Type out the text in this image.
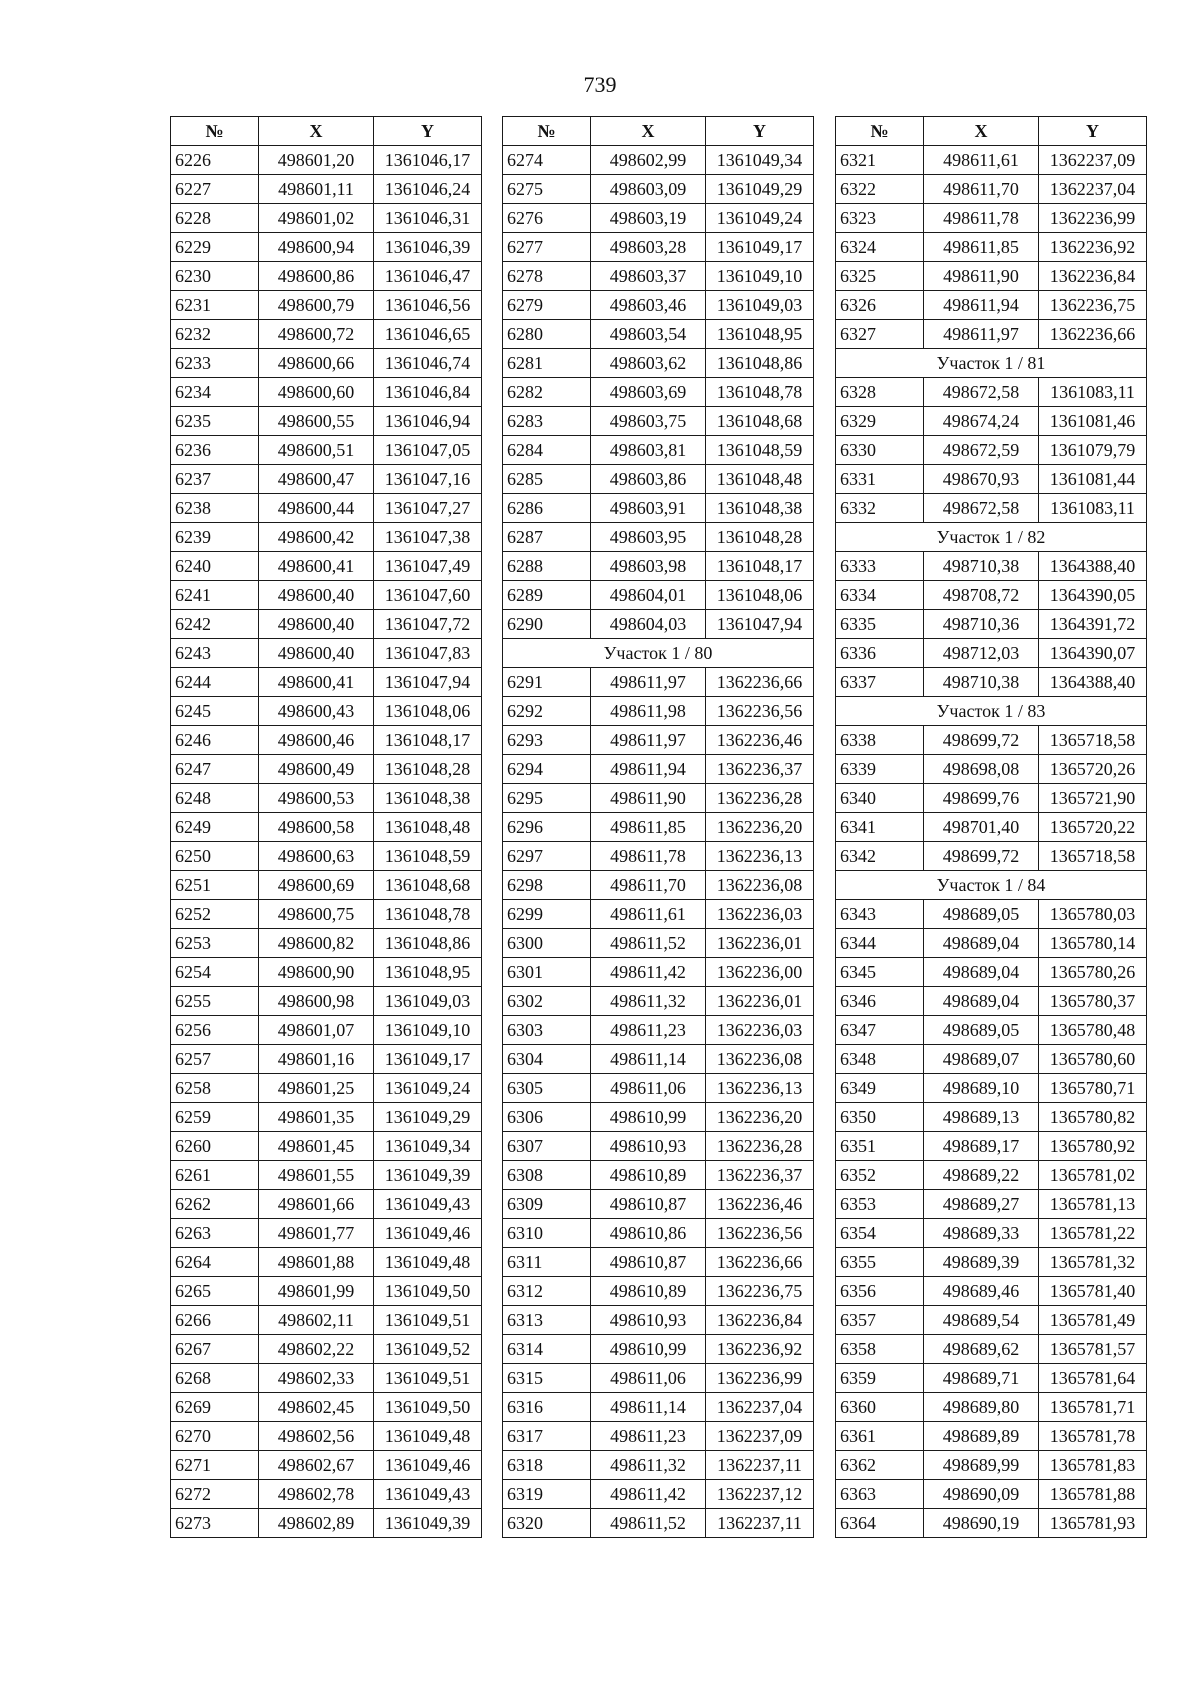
739
№	X	Y
6226	498601,20	1361046,17
6227	498601,11	1361046,24
6228	498601,02	1361046,31
6229	498600,94	1361046,39
6230	498600,86	1361046,47
6231	498600,79	1361046,56
6232	498600,72	1361046,65
6233	498600,66	1361046,74
6234	498600,60	1361046,84
6235	498600,55	1361046,94
6236	498600,51	1361047,05
6237	498600,47	1361047,16
6238	498600,44	1361047,27
6239	498600,42	1361047,38
6240	498600,41	1361047,49
6241	498600,40	1361047,60
6242	498600,40	1361047,72
6243	498600,40	1361047,83
6244	498600,41	1361047,94
6245	498600,43	1361048,06
6246	498600,46	1361048,17
6247	498600,49	1361048,28
6248	498600,53	1361048,38
6249	498600,58	1361048,48
6250	498600,63	1361048,59
6251	498600,69	1361048,68
6252	498600,75	1361048,78
6253	498600,82	1361048,86
6254	498600,90	1361048,95
6255	498600,98	1361049,03
6256	498601,07	1361049,10
6257	498601,16	1361049,17
6258	498601,25	1361049,24
6259	498601,35	1361049,29
6260	498601,45	1361049,34
6261	498601,55	1361049,39
6262	498601,66	1361049,43
6263	498601,77	1361049,46
6264	498601,88	1361049,48
6265	498601,99	1361049,50
6266	498602,11	1361049,51
6267	498602,22	1361049,52
6268	498602,33	1361049,51
6269	498602,45	1361049,50
6270	498602,56	1361049,48
6271	498602,67	1361049,46
6272	498602,78	1361049,43
6273	498602,89	1361049,39
№	X	Y
6274	498602,99	1361049,34
6275	498603,09	1361049,29
6276	498603,19	1361049,24
6277	498603,28	1361049,17
6278	498603,37	1361049,10
6279	498603,46	1361049,03
6280	498603,54	1361048,95
6281	498603,62	1361048,86
6282	498603,69	1361048,78
6283	498603,75	1361048,68
6284	498603,81	1361048,59
6285	498603,86	1361048,48
6286	498603,91	1361048,38
6287	498603,95	1361048,28
6288	498603,98	1361048,17
6289	498604,01	1361048,06
6290	498604,03	1361047,94
Участок 1 / 80		
6291	498611,97	1362236,66
6292	498611,98	1362236,56
6293	498611,97	1362236,46
6294	498611,94	1362236,37
6295	498611,90	1362236,28
6296	498611,85	1362236,20
6297	498611,78	1362236,13
6298	498611,70	1362236,08
6299	498611,61	1362236,03
6300	498611,52	1362236,01
6301	498611,42	1362236,00
6302	498611,32	1362236,01
6303	498611,23	1362236,03
6304	498611,14	1362236,08
6305	498611,06	1362236,13
6306	498610,99	1362236,20
6307	498610,93	1362236,28
6308	498610,89	1362236,37
6309	498610,87	1362236,46
6310	498610,86	1362236,56
6311	498610,87	1362236,66
6312	498610,89	1362236,75
6313	498610,93	1362236,84
6314	498610,99	1362236,92
6315	498611,06	1362236,99
6316	498611,14	1362237,04
6317	498611,23	1362237,09
6318	498611,32	1362237,11
6319	498611,42	1362237,12
6320	498611,52	1362237,11
№	X	Y
6321	498611,61	1362237,09
6322	498611,70	1362237,04
6323	498611,78	1362236,99
6324	498611,85	1362236,92
6325	498611,90	1362236,84
6326	498611,94	1362236,75
6327	498611,97	1362236,66
Участок 1 / 81		
6328	498672,58	1361083,11
6329	498674,24	1361081,46
6330	498672,59	1361079,79
6331	498670,93	1361081,44
6332	498672,58	1361083,11
Участок 1 / 82		
6333	498710,38	1364388,40
6334	498708,72	1364390,05
6335	498710,36	1364391,72
6336	498712,03	1364390,07
6337	498710,38	1364388,40
Участок 1 / 83		
6338	498699,72	1365718,58
6339	498698,08	1365720,26
6340	498699,76	1365721,90
6341	498701,40	1365720,22
6342	498699,72	1365718,58
Участок 1 / 84		
6343	498689,05	1365780,03
6344	498689,04	1365780,14
6345	498689,04	1365780,26
6346	498689,04	1365780,37
6347	498689,05	1365780,48
6348	498689,07	1365780,60
6349	498689,10	1365780,71
6350	498689,13	1365780,82
6351	498689,17	1365780,92
6352	498689,22	1365781,02
6353	498689,27	1365781,13
6354	498689,33	1365781,22
6355	498689,39	1365781,32
6356	498689,46	1365781,40
6357	498689,54	1365781,49
6358	498689,62	1365781,57
6359	498689,71	1365781,64
6360	498689,80	1365781,71
6361	498689,89	1365781,78
6362	498689,99	1365781,83
6363	498690,09	1365781,88
6364	498690,19	1365781,93
